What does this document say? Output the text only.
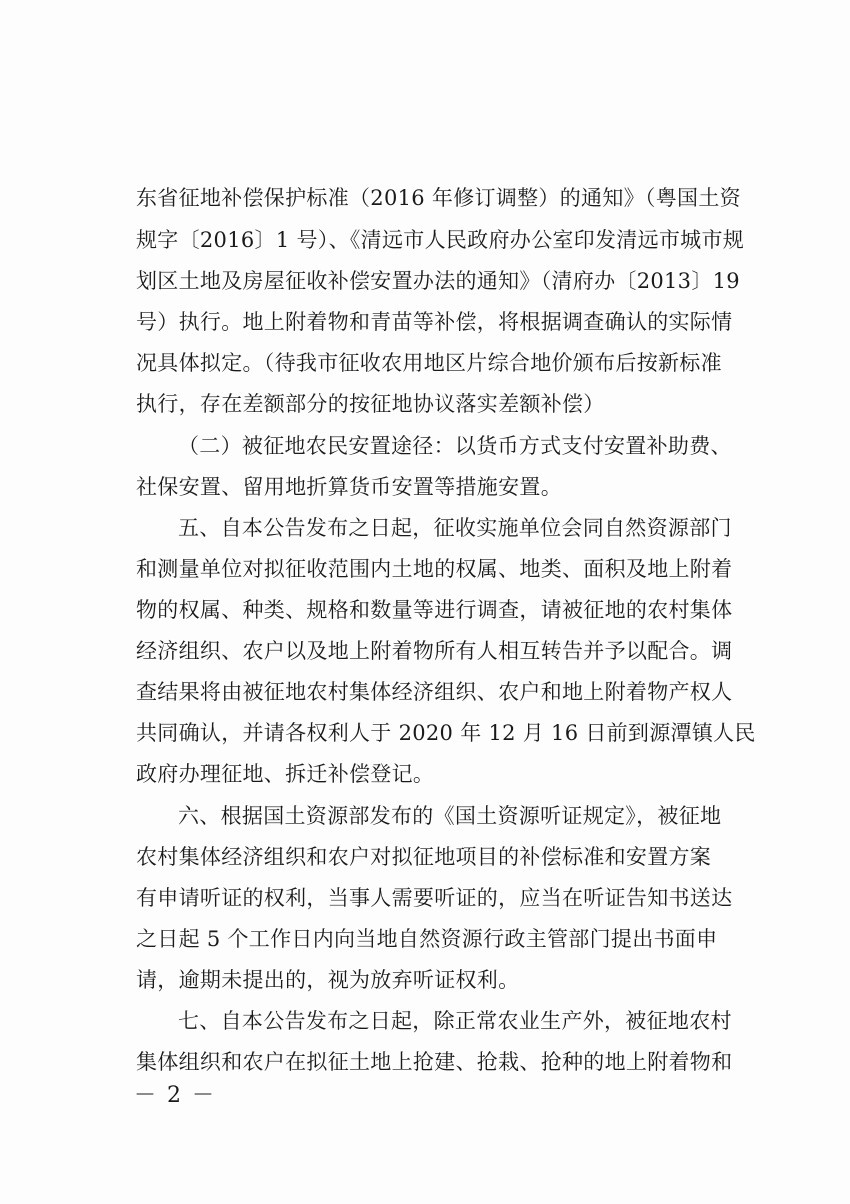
东省征地补偿保护标准（2016 年修订调整）的通知》（粤国土资
规字〔2016〕1 号）、《清远市人民政府办公室印发清远市城市规
划区土地及房屋征收补偿安置办法的通知》（清府办〔2013〕19
号）执行。地上附着物和青苗等补偿，将根据调查确认的实际情
况具体拟定。（待我市征收农用地区片综合地价颁布后按新标准
执行，存在差额部分的按征地协议落实差额补偿）
（二）被征地农民安置途径：以货币方式支付安置补助费、
社保安置、留用地折算货币安置等措施安置。
五、自本公告发布之日起，征收实施单位会同自然资源部门
和测量单位对拟征收范围内土地的权属、地类、面积及地上附着
物的权属、种类、规格和数量等进行调查，请被征地的农村集体
经济组织、农户以及地上附着物所有人相互转告并予以配合。调
查结果将由被征地农村集体经济组织、农户和地上附着物产权人
共同确认，并请各权利人于 2020 年 12 月 16 日前到源潭镇人民
政府办理征地、拆迁补偿登记。
六、根据国土资源部发布的《国土资源听证规定》，被征地
农村集体经济组织和农户对拟征地项目的补偿标准和安置方案
有申请听证的权利，当事人需要听证的，应当在听证告知书送达
之日起 5 个工作日内向当地自然资源行政主管部门提出书面申
请，逾期未提出的，视为放弃听证权利。
七、自本公告发布之日起，除正常农业生产外，被征地农村
集体组织和农户在拟征土地上抢建、抢栽、抢种的地上附着物和
－ 2 －
